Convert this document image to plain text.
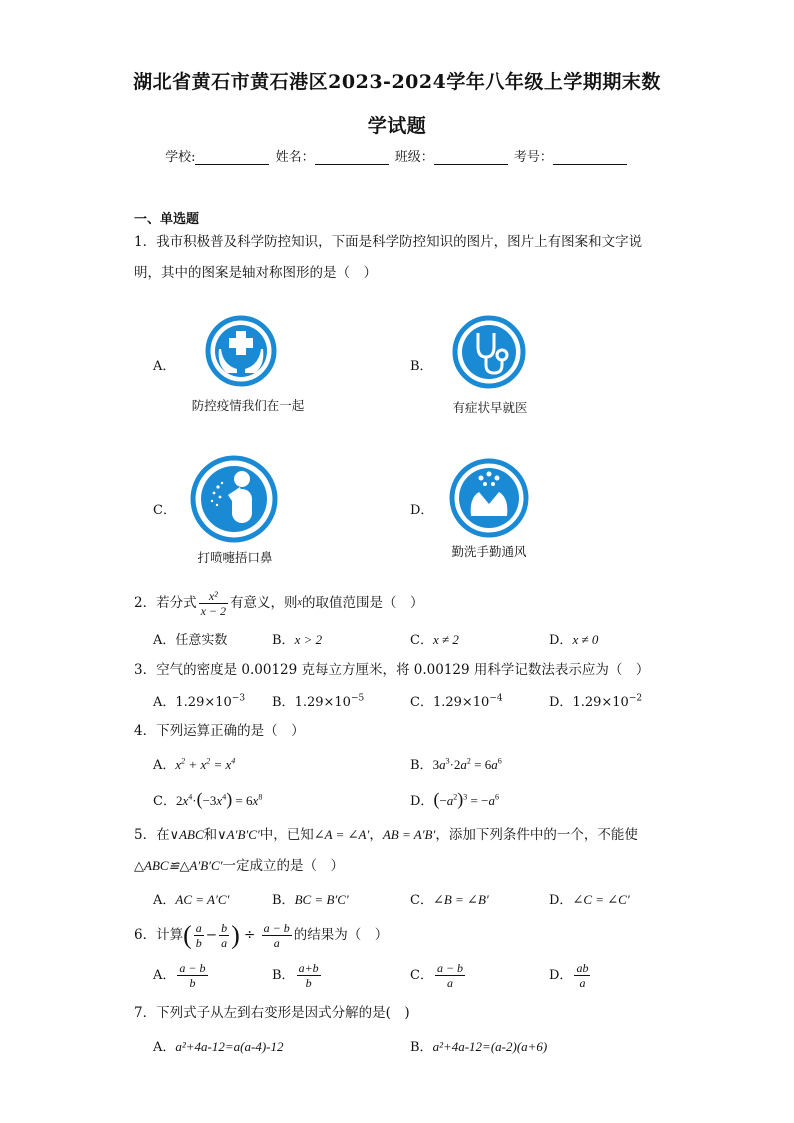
湖北省黄石市黄石港区2023-2024学年八年级上学期期末数
学试题
学校:	姓名：	班级：	考号：
一、单选题
1．我市积极普及科学防控知识，下面是科学防控知识的图片，图片上有图案和文字说
明，其中的图案是轴对称图形的是（　）
A．
防控疫情我们在一起
B．
有症状早就医
C．
打喷嚏捂口鼻
D．
勤洗手勤通风
2．若分式 $\frac{\text{x²}}{x - 2}$ 有意义，则$^x$的取值范围是（　）
A．任意实数	B．x > 2	C．x ≠ 2	D．x ≠ 0
3．空气的密度是 0.00129 克每立方厘米，将 0.00129 用科学记数法表示应为（　）
A．$1.29\times 10^{-3}$ B．$1.29\times 10^{-5}$	C．$1.29\times 10^{-4}$	D．$1.29\times 10^{-2}$
4．下列运算正确的是（　）
A．$x^2 + x^2 = x^4$	B．$3a^3\cdot 2a^2 = 6a^6$
C．$2x^4\cdot(-3x^4) = 6x^8$	D．$(-a^2)^3 = -a^6$
5．在∨ABC和∨A′B′C′中，已知∠A = ∠A′，AB = A′B′，添加下列条件中的一个，不能使
△ABC≌△A′B′C′一定成立的是（　）
A．AC = A′C′	B．BC = B′C′	C．∠B = ∠B′	D．∠C = ∠C′
6．计算( $\frac{a}{b} - \frac{b}{a}$ ) ÷ $\frac{a - b}{a}$ 的结果为（　）
A． $\frac{a - b}{b}$	B． $\frac{a+b}{b}$	C． $\frac{a - b}{a}$	D． $\frac{ab}{a}$
7．下列式子从左到右变形是因式分解的是(　)
A．a²+4a-12=a(a-4)-12	B．a²+4a-12=(a-2)(a+6)
